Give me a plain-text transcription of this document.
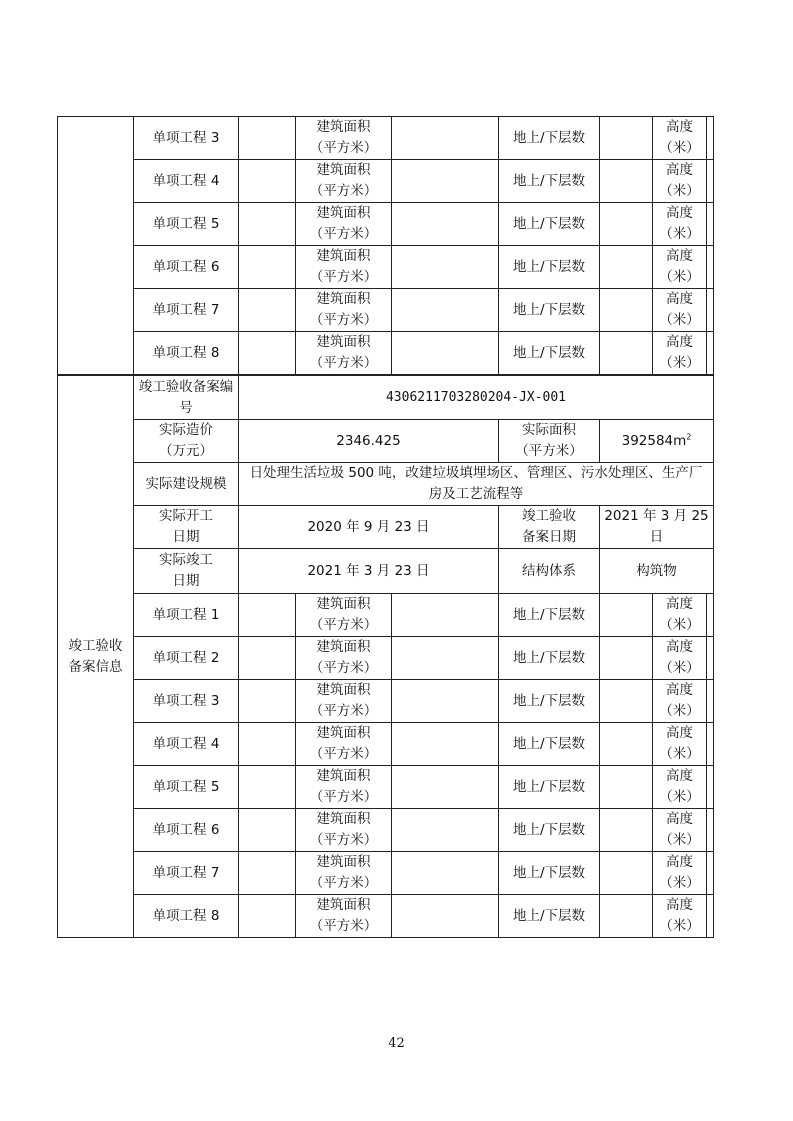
	单项工程 3		建筑面积
（平方米）		地上/下层数		高度
（米）	
	单项工程 4		建筑面积
（平方米）		地上/下层数		高度
（米）	
	单项工程 5		建筑面积
（平方米）		地上/下层数		高度
（米）	
	单项工程 6		建筑面积
（平方米）		地上/下层数		高度
（米）	
	单项工程 7		建筑面积
（平方米）		地上/下层数		高度
（米）	
	单项工程 8		建筑面积
（平方米）		地上/下层数		高度
（米）	
竣工验收备案信息	竣工验收备案编号	430621170328020​4-JX-001						
	实际造价
（万元）	2346.425			实际面积
（平方米）	$392584m^2$
	实际建设规模	日处理生活垃圾 500 吨，改建垃圾填埋场区、管理区、污水处理区、生产厂房及工艺流程等						
	实际开工
日期	2020 年 9 月 23 日			竣工验收
备案日期	2021 年 3 月 25 日		
	实际竣工
日期	2021 年 3 月 23 日			结构体系	构筑物		
	单项工程 1		建筑面积
（平方米）		地上/下层数		高度
（米）	
	单项工程 2		建筑面积
（平方米）		地上/下层数		高度
（米）	
	单项工程 3		建筑面积
（平方米）		地上/下层数		高度
（米）	
	单项工程 4		建筑面积
（平方米）		地上/下层数		高度
（米）	
	单项工程 5		建筑面积
（平方米）		地上/下层数		高度
（米）	
	单项工程 6		建筑面积
（平方米）		地上/下层数		高度
（米）	
	单项工程 7		建筑面积
（平方米）		地上/下层数		高度
（米）	
	单项工程 8		建筑面积
（平方米）		地上/下层数		高度
（米）	
42
